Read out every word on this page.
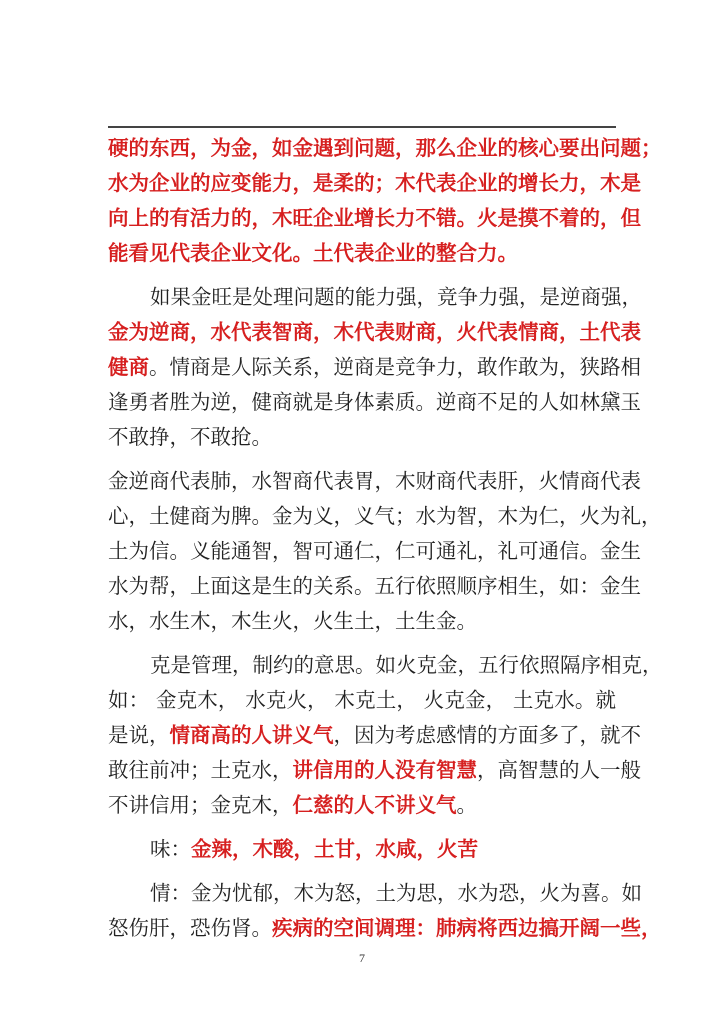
硬的东西，为金，如金遇到问题，那么企业的核心要出问题；
水为企业的应变能力，是柔的；木代表企业的增长力，木是
向上的有活力的，木旺企业增长力不错。火是摸不着的，但
能看见代表企业文化。土代表企业的整合力。
如果金旺是处理问题的能力强，竞争力强，是逆商强，
金为逆商，水代表智商，木代表财商，火代表情商，土代表
健商。情商是人际关系，逆商是竞争力，敢作敢为，狭路相
逢勇者胜为逆，健商就是身体素质。逆商不足的人如林黛玉
不敢挣，不敢抢。
金逆商代表肺，水智商代表胃，木财商代表肝，火情商代表
心，土健商为脾。金为义，义气；水为智，木为仁，火为礼，
土为信。义能通智，智可通仁，仁可通礼，礼可通信。金生
水为帮，上面这是生的关系。五行依照顺序相生，如：金生
水，水生木，木生火，火生土，土生金。
克是管理，制约的意思。如火克金，五行依照隔序相克，
如： 金克木， 水克火， 木克土， 火克金， 土克水。就
是说，情商高的人讲义气，因为考虑感情的方面多了，就不
敢往前冲；土克水，讲信用的人没有智慧，高智慧的人一般
不讲信用；金克木，仁慈的人不讲义气。
味：金辣，木酸，土甘，水咸，火苦
情：金为忧郁，木为怒，土为思，水为恐，火为喜。如
怒伤肝，恐伤肾。疾病的空间调理：肺病将西边搞开阔一些，
7
